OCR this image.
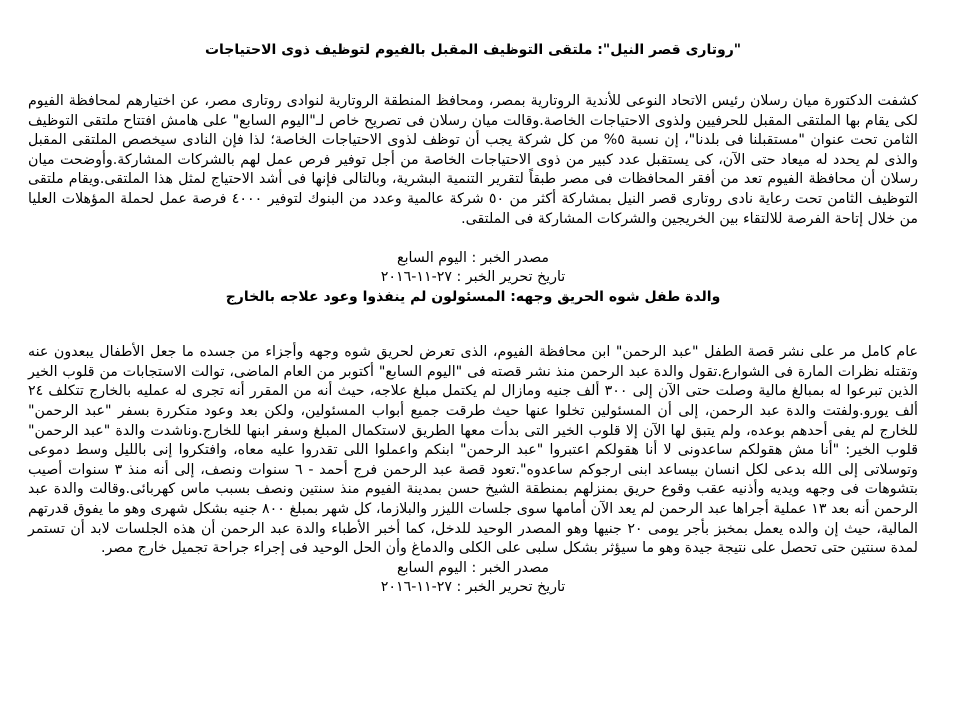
"روتارى قصر النيل": ملتقى التوظيف المقبل بالفيوم لتوظيف ذوى الاحتياجات

كشفت الدكتورة ميان رسلان رئيس الاتحاد النوعى للأندية الروتارية بمصر، ومحافظ المنطقة الروتارية لنوادى روتارى مصر، عن اختيارهم لمحافظة الفيوم لكى يقام بها الملتقى المقبل للحرفيين ولذوى الاحتياجات الخاصة.وقالت ميان رسلان فى تصريح خاص لـ"اليوم السابع" على هامش افتتاح ملتقى التوظيف الثامن تحت عنوان "مستقبلنا فى بلدنا"، إن نسبة ٥% من كل شركة يجب أن توظف لذوى الاحتياجات الخاصة؛ لذا فإن النادى سيخصص الملتقى المقبل والذى لم يحدد له ميعاد حتى الآن، كى يستقبل عدد كبير من ذوى الاحتياجات الخاصة من أجل توفير فرص عمل لهم بالشركات المشاركة.وأوضحت ميان رسلان أن محافظة الفيوم تعد من أفقر المحافظات فى مصر طبقاً لتقرير التنمية البشرية، وبالتالى فإنها فى أشد الاحتياج لمثل هذا الملتقى.ويقام ملتقى التوظيف الثامن تحت رعاية نادى روتارى قصر النيل بمشاركة أكثر من ٥٠ شركة عالمية وعدد من البنوك لتوفير ٤٠٠٠ فرصة عمل لحملة المؤهلات العليا من خلال إتاحة الفرصة للالتقاء بين الخريجين والشركات المشاركة فى الملتقى.

مصدر الخبر : اليوم السابع

تاريخ تحرير الخبر : ٢٧-١١-٢٠١٦

والدة طفل شوه الحريق وجهه: المسئولون لم ينفذوا وعود علاجه بالخارج

عام كامل مر على نشر قصة الطفل "عبد الرحمن" ابن محافظة الفيوم، الذى تعرض لحريق شوه وجهه وأجزاء من جسده ما جعل الأطفال يبعدون عنه وتقتله نظرات المارة فى الشوارع.تقول والدة عبد الرحمن منذ نشر قصته فى "اليوم السابع" أكتوبر من العام الماضى، توالت الاستجابات من قلوب الخير الذين تبرعوا له بمبالغ مالية وصلت حتى الآن إلى ٣٠٠ ألف جنيه ومازال لم يكتمل مبلغ علاجه، حيث أنه من المقرر أنه تجرى له عمليه بالخارج تتكلف ٢٤ ألف يورو.ولفتت والدة عبد الرحمن، إلى أن المسئولين تخلوا عنها حيث طرقت جميع أبواب المسئولين، ولكن بعد وعود متكررة بسفر "عبد الرحمن" للخارج لم يفى أحدهم بوعده، ولم يتبق لها الآن إلا قلوب الخير التى بدأت معها الطريق لاستكمال المبلغ وسفر ابنها للخارج.وناشدت والدة "عبد الرحمن" قلوب الخير: "أنا مش هقولكم ساعدونى لا أنا هقولكم اعتبروا "عبد الرحمن" ابنكم واعملوا اللى تقدروا عليه معاه، وافتكروا إنى بالليل وسط دموعى وتوسلاتى إلى الله بدعى لكل انسان بيساعد ابنى ارجوكم ساعدوه".تعود قصة عبد الرحمن فرج أحمد - ٦ سنوات ونصف، إلى أنه منذ ٣ سنوات أصيب بتشوهات فى وجهه ويديه وأذنيه عقب وقوع حريق بمنزلهم بمنطقة الشيخ حسن بمدينة الفيوم منذ سنتين ونصف بسبب ماس كهربائى.وقالت والدة عبد الرحمن أنه بعد ١٣ عملية أجراها عبد الرحمن لم يعد الآن أمامها سوى جلسات الليزر والبلازما، كل شهر بمبلغ ٨٠٠ جنيه بشكل شهرى وهو ما يفوق قدرتهم المالية، حيث إن والده يعمل بمخبز بأجر يومى ٢٠ جنيها وهو المصدر الوحيد للدخل، كما أخبر الأطباء والدة عبد الرحمن أن هذه الجلسات لابد أن تستمر لمدة سنتين حتى تحصل على نتيجة جيدة وهو ما سيؤثر بشكل سلبى على الكلى والدماغ وأن الحل الوحيد فى إجراء جراحة تجميل خارج مصر.

مصدر الخبر : اليوم السابع

تاريخ تحرير الخبر : ٢٧-١١-٢٠١٦
